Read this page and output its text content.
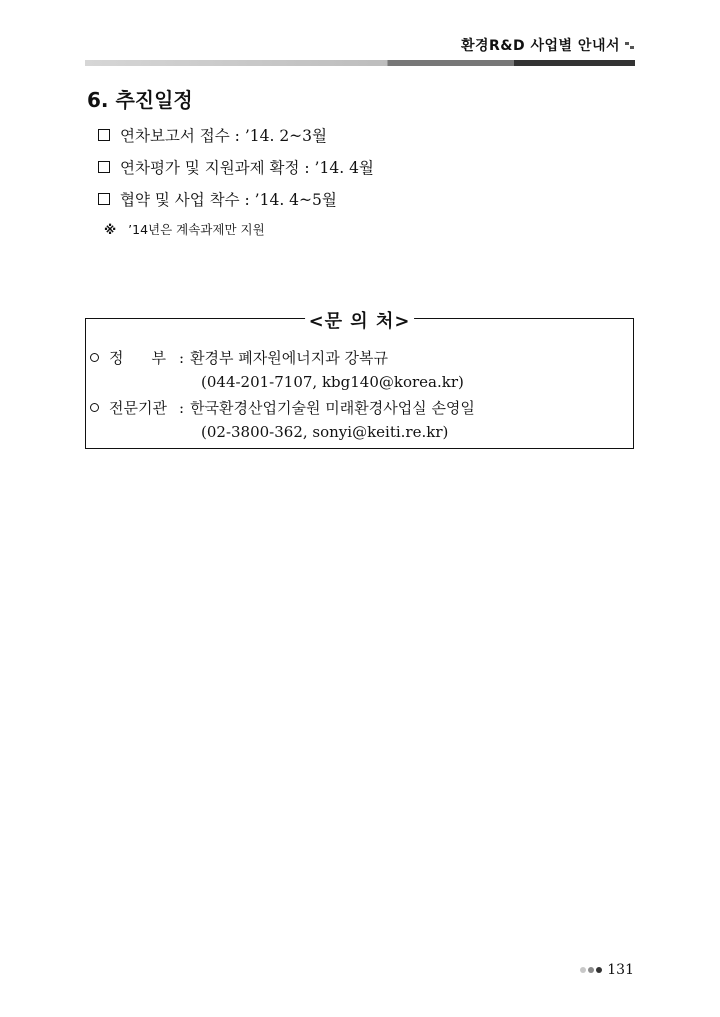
환경R&D 사업별 안내서
6. 추진일정
연차보고서 접수 : ’14. 2~3월
연차평가 및 지원과제 확정 : ’14. 4월
협약 및 사업 착수 : ’14. 4~5월
※ ’14년은 계속과제만 지원
<문 의 처>
정 부 : 환경부 폐자원에너지과 강복규
(044-201-7107, kbg140@korea.kr)
전문기관 : 한국환경산업기술원 미래환경사업실 손영일
(02-3800-362, sonyi@keiti.re.kr)
131
